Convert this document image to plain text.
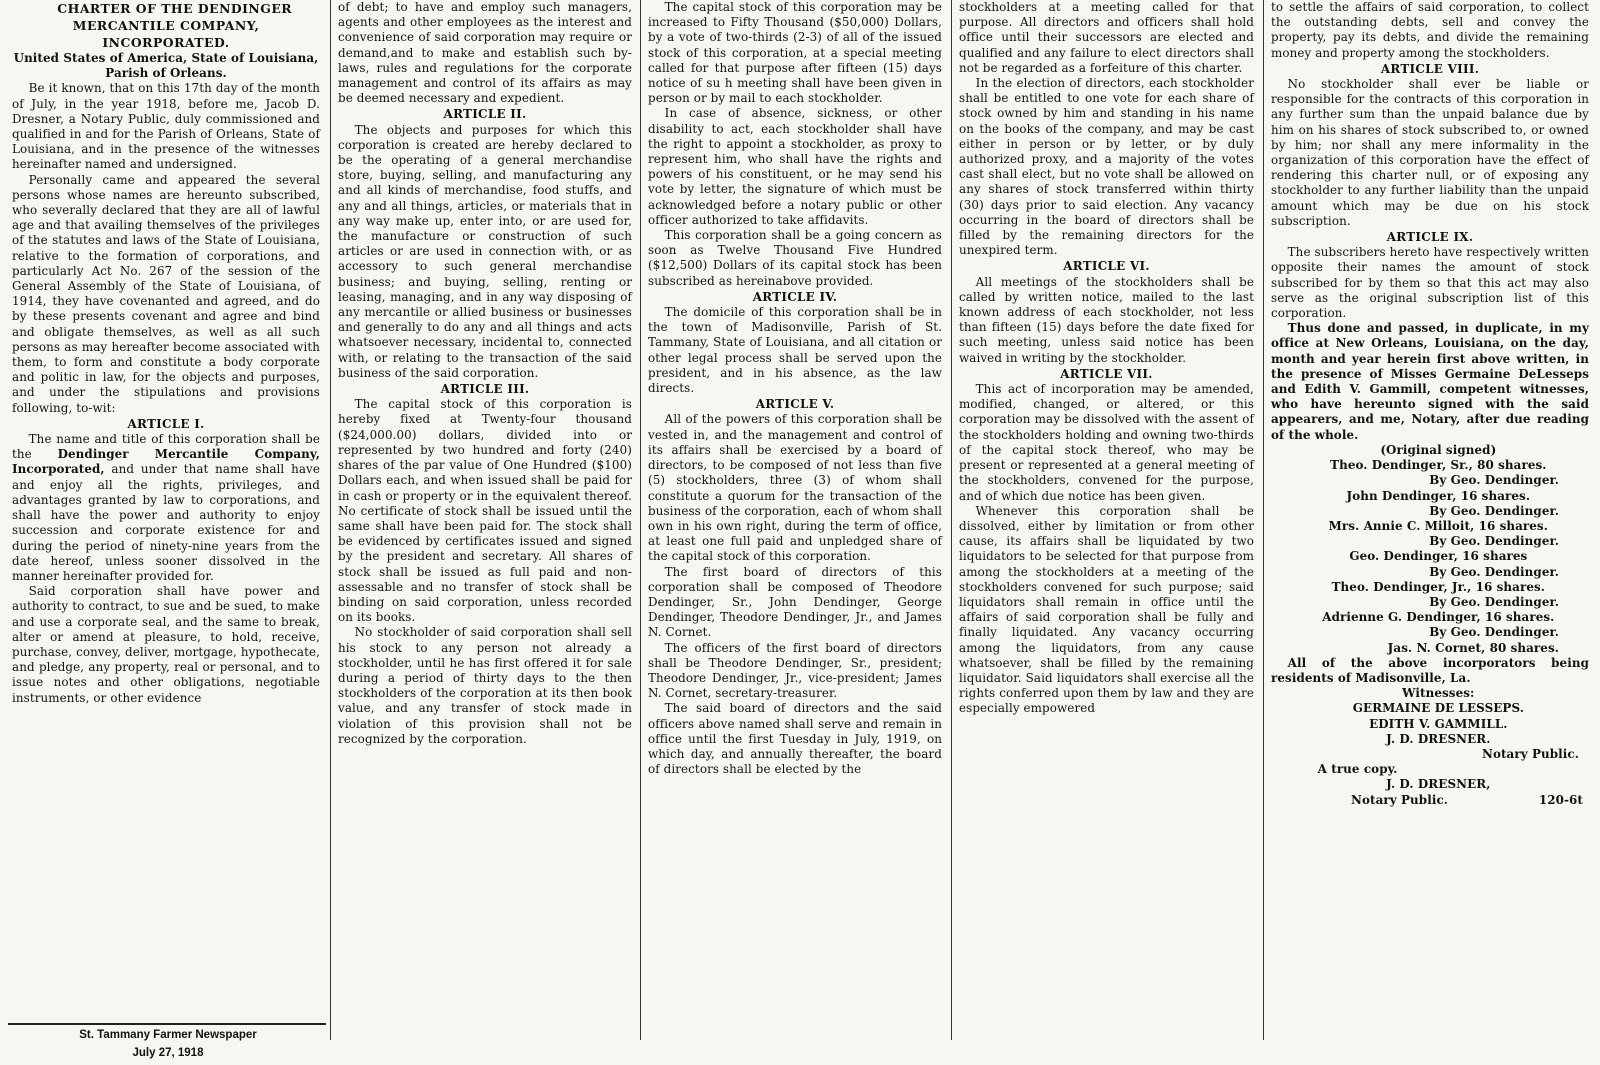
CHARTER OF THE DENDINGER MERCANTILE COMPANY, INCORPORATED.

United States of America, State of Louisiana, Parish of Orleans.

Be it known, that on this 17th day of the month of July, in the year 1918, before me, Jacob D. Dresner, a Notary Public, duly commissioned and qualified in and for the Parish of Orleans, State of Louisiana, and in the presence of the witnesses hereinafter named and undersigned.

Personally came and appeared the several persons whose names are hereunto subscribed, who severally declared that they are all of lawful age and that availing themselves of the privileges of the statutes and laws of the State of Louisiana, relative to the formation of corporations, and particularly Act No. 267 of the session of the General Assembly of the State of Louisiana, of 1914, they have covenanted and agreed, and do by these presents covenant and agree and bind and obligate themselves, as well as all such persons as may hereafter become associated with them, to form and constitute a body corporate and politic in law, for the objects and purposes, and under the stipulations and provisions following, to-wit:

ARTICLE I.

The name and title of this corporation shall be the Dendinger Mercantile Company, Incorporated, and under that name shall have and enjoy all the rights, privileges, and advantages granted by law to corporations, and shall have the power and authority to enjoy succession and corporate existence for and during the period of ninety-nine years from the date hereof, unless sooner dissolved in the manner hereinafter provided for.

Said corporation shall have power and authority to contract, to sue and be sued, to make and use a corporate seal, and the same to break, alter or amend at pleasure, to hold, receive, purchase, convey, deliver, mortgage, hypothecate, and pledge, any property, real or personal, and to issue notes and other obligations, negotiable instruments, or other evidence

St. Tammany Farmer Newspaper
July 27, 1918

of debt; to have and employ such managers, agents and other employees as the interest and convenience of said corporation may require or demand,and to make and establish such by-laws, rules and regulations for the corporate management and control of its affairs as may be deemed necessary and expedient.

ARTICLE II.

The objects and purposes for which this corporation is created are hereby declared to be the operating of a general merchandise store, buying, selling, and manufacturing any and all kinds of merchandise, food stuffs, and any and all things, articles, or materials that in any way make up, enter into, or are used for, the manufacture or construction of such articles or are used in connection with, or as accessory to such general merchandise business; and buying, selling, renting or leasing, managing, and in any way disposing of any mercantile or allied business or businesses and generally to do any and all things and acts whatsoever necessary, incidental to, connected with, or relating to the transaction of the said business of the said corporation.

ARTICLE III.

The capital stock of this corporation is hereby fixed at Twenty-four thousand ($24,000.00) dollars, divided into or represented by two hundred and forty (240) shares of the par value of One Hundred ($100) Dollars each, and when issued shall be paid for in cash or property or in the equivalent thereof. No certificate of stock shall be issued until the same shall have been paid for. The stock shall be evidenced by certificates issued and signed by the president and secretary. All shares of stock shall be issued as full paid and non-assessable and no transfer of stock shall be binding on said corporation, unless recorded on its books.

No stockholder of said corporation shall sell his stock to any person not already a stockholder, until he has first offered it for sale during a period of thirty days to the then stockholders of the corporation at its then book value, and any transfer of stock made in violation of this provision shall not be recognized by the corporation.

The capital stock of this corporation may be increased to Fifty Thousand ($50,000) Dollars, by a vote of two-thirds (2-3) of all of the issued stock of this corporation, at a special meeting called for that purpose after fifteen (15) days notice of su h meeting shall have been given in person or by mail to each stockholder.

In case of absence, sickness, or other disability to act, each stockholder shall have the right to appoint a stockholder, as proxy to represent him, who shall have the rights and powers of his constituent, or he may send his vote by letter, the signature of which must be acknowledged before a notary public or other officer authorized to take affidavits.

This corporation shall be a going concern as soon as Twelve Thousand Five Hundred ($12,500) Dollars of its capital stock has been subscribed as hereinabove provided.

ARTICLE IV.

The domicile of this corporation shall be in the town of Madisonville, Parish of St. Tammany, State of Louisiana, and all citation or other legal process shall be served upon the president, and in his absence, as the law directs.

ARTICLE V.

All of the powers of this corporation shall be vested in, and the management and control of its affairs shall be exercised by a board of directors, to be composed of not less than five (5) stockholders, three (3) of whom shall constitute a quorum for the transaction of the business of the corporation, each of whom shall own in his own right, during the term of office, at least one full paid and unpledged share of the capital stock of this corporation.

The first board of directors of this corporation shall be composed of Theodore Dendinger, Sr., John Dendinger, George Dendinger, Theodore Dendinger, Jr., and James N. Cornet.

The officers of the first board of directors shall be Theodore Dendinger, Sr., president; Theodore Dendinger, Jr., vice-president; James N. Cornet, secretary-treasurer.

The said board of directors and the said officers above named shall serve and remain in office until the first Tuesday in July, 1919, on which day, and annually thereafter, the board of directors shall be elected by the

stockholders at a meeting called for that purpose. All directors and officers shall hold office until their successors are elected and qualified and any failure to elect directors shall not be regarded as a forfeiture of this charter.

In the election of directors, each stockholder shall be entitled to one vote for each share of stock owned by him and standing in his name on the books of the company, and may be cast either in person or by letter, or by duly authorized proxy, and a majority of the votes cast shall elect, but no vote shall be allowed on any shares of stock transferred within thirty (30) days prior to said election. Any vacancy occurring in the board of directors shall be filled by the remaining directors for the unexpired term.

ARTICLE VI.

All meetings of the stockholders shall be called by written notice, mailed to the last known address of each stockholder, not less than fifteen (15) days before the date fixed for such meeting, unless said notice has been waived in writing by the stockholder.

ARTICLE VII.

This act of incorporation may be amended, modified, changed, or altered, or this corporation may be dissolved with the assent of the stockholders holding and owning two-thirds of the capital stock thereof, who may be present or represented at a general meeting of the stockholders, convened for the purpose, and of which due notice has been given.

Whenever this corporation shall be dissolved, either by limitation or from other cause, its affairs shall be liquidated by two liquidators to be selected for that purpose from among the stockholders at a meeting of the stockholders convened for such purpose; said liquidators shall remain in office until the affairs of said corporation shall be fully and finally liquidated. Any vacancy occurring among the liquidators, from any cause whatsoever, shall be filled by the remaining liquidator. Said liquidators shall exercise all the rights conferred upon them by law and they are especially empowered

to settle the affairs of said corporation, to collect the outstanding debts, sell and convey the property, pay its debts, and divide the remaining money and property among the stockholders.

ARTICLE VIII.

No stockholder shall ever be liable or responsible for the contracts of this corporation in any further sum than the unpaid balance due by him on his shares of stock subscribed to, or owned by him; nor shall any mere informality in the organization of this corporation have the effect of rendering this charter null, or of exposing any stockholder to any further liability than the unpaid amount which may be due on his stock subscription.

ARTICLE IX.

The subscribers hereto have respectively written opposite their names the amount of stock subscribed for by them so that this act may also serve as the original subscription list of this corporation.

Thus done and passed, in duplicate, in my office at New Orleans, Louisiana, on the day, month and year herein first above written, in the presence of Misses Germaine DeLesseps and Edith V. Gammill, competent witnesses, who have hereunto signed with the said appearers, and me, Notary, after due reading of the whole.

(Original signed)

Theo. Dendinger, Sr., 80 shares.

By Geo. Dendinger.

John Dendinger, 16 shares.

By Geo. Dendinger.

Mrs. Annie C. Milloit, 16 shares.

By Geo. Dendinger.

Geo. Dendinger, 16 shares

By Geo. Dendinger.

Theo. Dendinger, Jr., 16 shares.

By Geo. Dendinger.

Adrienne G. Dendinger, 16 shares.

By Geo. Dendinger.

Jas. N. Cornet, 80 shares.

All of the above incorporators being residents of Madisonville, La.

Witnesses:

GERMAINE DE LESSEPS.

EDITH V. GAMMILL.

J. D. DRESNER.

Notary Public.

A true copy.

J. D. DRESNER,

Notary Public.	120-6t
